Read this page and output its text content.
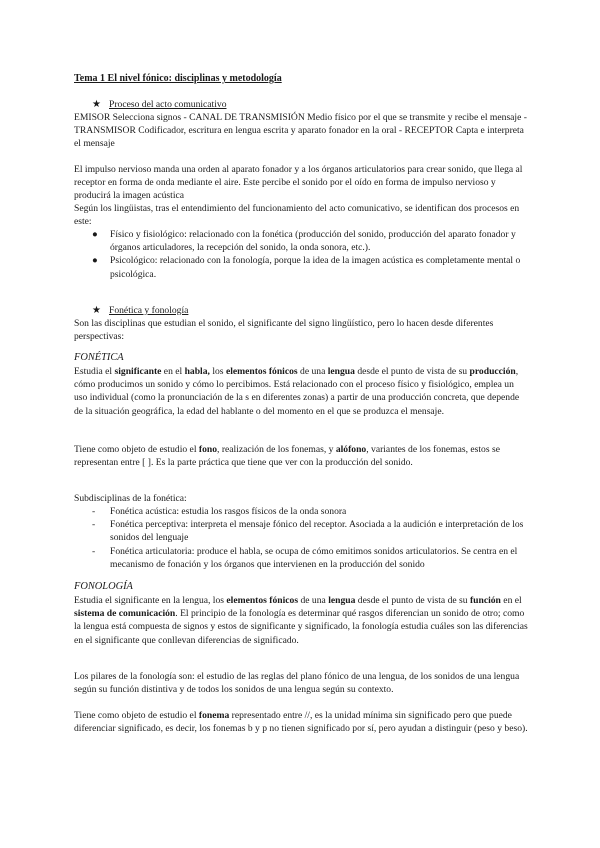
Tema 1 El nivel fónico: disciplinas y metodología
★ Proceso del acto comunicativo

EMISOR Selecciona signos - CANAL DE TRANSMISIÓN Medio físico por el que se transmite y recibe el mensaje - TRANSMISOR Codificador, escritura en lengua escrita y aparato fonador en la oral - RECEPTOR Capta e interpreta el mensaje

El impulso nervioso manda una orden al aparato fonador y a los órganos articulatorios para crear sonido, que llega al receptor en forma de onda mediante el aire. Este percibe el sonido por el oído en forma de impulso nervioso y producirá la imagen acústica

Según los lingüistas, tras el entendimiento del funcionamiento del acto comunicativo, se identifican dos procesos en este:

● Físico y fisiológico: relacionado con la fonética (producción del sonido, producción del aparato fonador y órganos articuladores, la recepción del sonido, la onda sonora, etc.).
● Psicológico: relacionado con la fonología, porque la idea de la imagen acústica es completamente mental o psicológica.
★ Fonética y fonología

Son las disciplinas que estudian el sonido, el significante del signo lingüístico, pero lo hacen desde diferentes perspectivas:

FONÉTICA

Estudia el significante en el habla, los elementos fónicos de una lengua desde el punto de vista de su producción, cómo producimos un sonido y cómo lo percibimos. Está relacionado con el proceso físico y fisiológico, emplea un uso individual (como la pronunciación de la s en diferentes zonas) a partir de una producción concreta, que depende de la situación geográfica, la edad del hablante o del momento en el que se produzca el mensaje.

Tiene como objeto de estudio el fono, realización de los fonemas, y alófono, variantes de los fonemas, estos se representan entre [ ]. Es la parte práctica que tiene que ver con la producción del sonido.

Subdisciplinas de la fonética:

- Fonética acústica: estudia los rasgos físicos de la onda sonora
- Fonética perceptiva: interpreta el mensaje fónico del receptor. Asociada a la audición e interpretación de los sonidos del lenguaje
- Fonética articulatoria: produce el habla, se ocupa de cómo emitimos sonidos articulatorios. Se centra en el mecanismo de fonación y los órganos que intervienen en la producción del sonido
FONOLOGÍA

Estudia el significante en la lengua, los elementos fónicos de una lengua desde el punto de vista de su función en el sistema de comunicación. El principio de la fonología es determinar qué rasgos diferencian un sonido de otro; como la lengua está compuesta de signos y estos de significante y significado, la fonología estudia cuáles son las diferencias en el significante que conllevan diferencias de significado.

Los pilares de la fonología son: el estudio de las reglas del plano fónico de una lengua, de los sonidos de una lengua según su función distintiva y de todos los sonidos de una lengua según su contexto.

Tiene como objeto de estudio el fonema representado entre //, es la unidad mínima sin significado pero que puede diferenciar significado, es decir, los fonemas b y p no tienen significado por sí, pero ayudan a distinguir (peso y beso).
